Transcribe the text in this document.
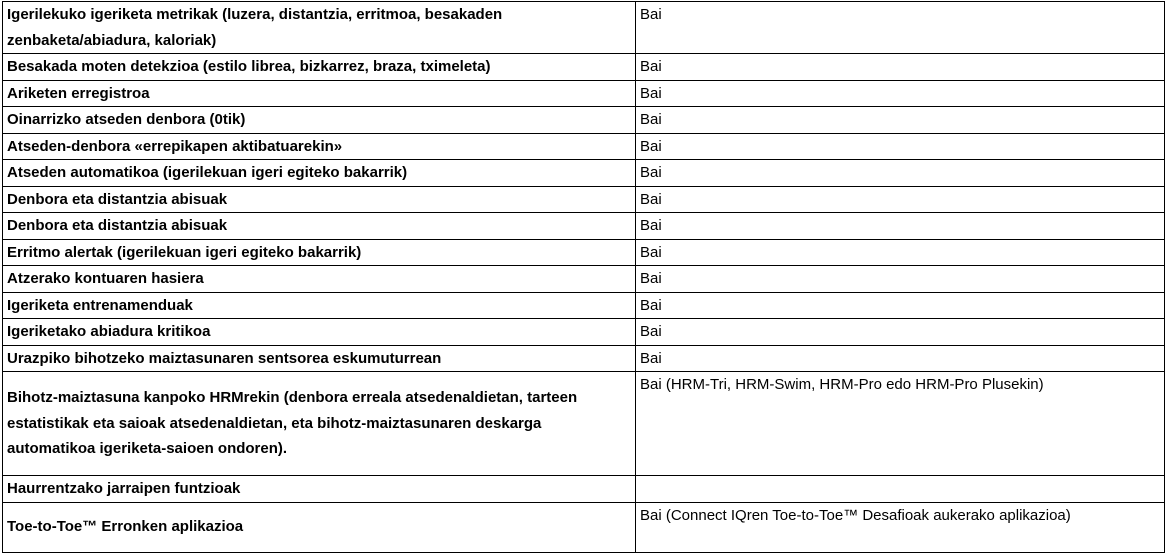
Igerilekuko igeriketa metrikak (luzera, distantzia, erritmoa, besakaden zenbaketa/abiadura, kaloriak)	Bai
Besakada moten detekzioa (estilo librea, bizkarrez, braza, tximeleta)	Bai
Ariketen erregistroa	Bai
Oinarrizko atseden denbora (0tik)	Bai
Atseden-denbora «errepikapen aktibatuarekin»	Bai
Atseden automatikoa (igerilekuan igeri egiteko bakarrik)	Bai
Denbora eta distantzia abisuak	Bai
Denbora eta distantzia abisuak	Bai
Erritmo alertak (igerilekuan igeri egiteko bakarrik)	Bai
Atzerako kontuaren hasiera	Bai
Igeriketa entrenamenduak	Bai
Igeriketako abiadura kritikoa	Bai
Urazpiko bihotzeko maiztasunaren sentsorea eskumuturrean	Bai
Bihotz-maiztasuna kanpoko HRMrekin (denbora erreala atsedenaldietan, tarteen estatistikak eta saioak atsedenaldietan, eta bihotz-maiztasunaren deskarga automatikoa igeriketa-saioen ondoren).	Bai (HRM-Tri, HRM-Swim, HRM-Pro edo HRM-Pro Plusekin)
Haurrentzako jarraipen funtzioak	
Toe-to-Toe™ Erronken aplikazioa	Bai (Connect IQren Toe-to-Toe™ Desafioak aukerako aplikazioa)
